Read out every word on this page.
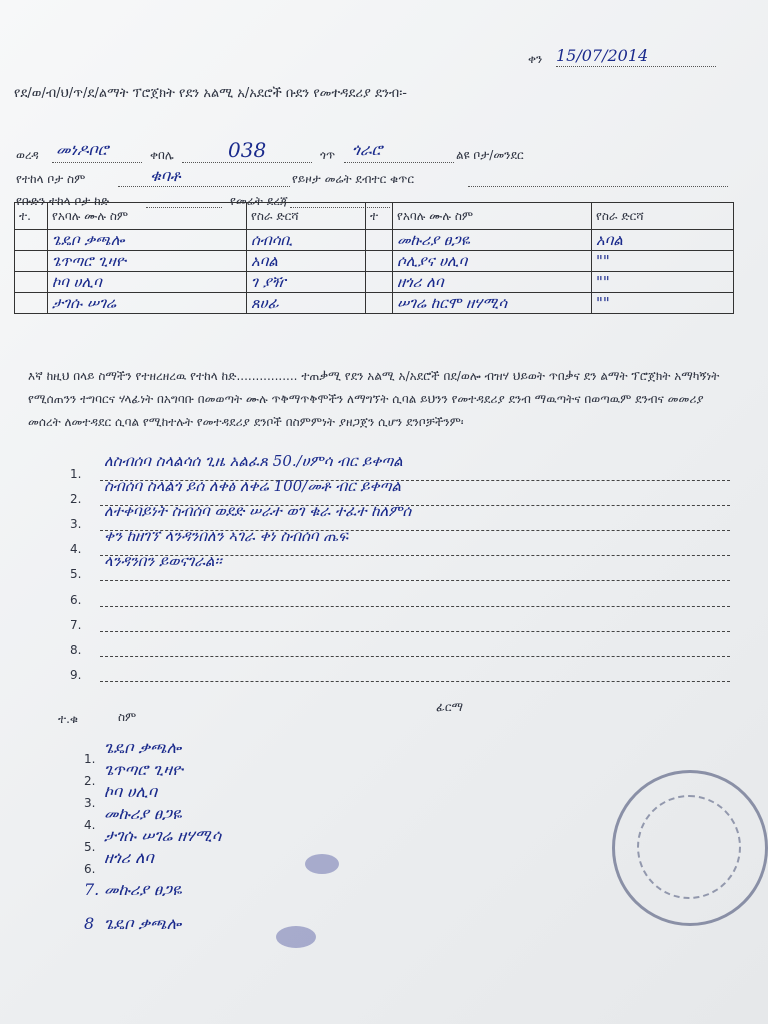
ቀን 15/07/2014
የደ/ወ/ብ/ህ/ጥ/ደ/ልማት ፕሮጀክት የደን አልሚ አ/አደሮች ቡደን የመተዳደሪያ ደንብ፡-
ወረዳ መነዶቦሮ	ቀበሌ	038	ጎጥ ጎራሮ	ልዩ ቦታ/መንደር
የተከላ ቦታ ስም	ቁባቶ	የይዞታ መሬት ደብተር ቁጥር
የቡድን ተከላ ቦታ ከድ	የመሬት ደረጃ
ተ.	የአባሉ ሙሉ ስም	የስራ ድርሻ	ተ	የአባሉ ሙሉ ስም	የስራ ድርሻ
	ጌዴቦ ቃጫሎ	ሰብሳቢ		መኩሪያ ፀጋዬ	አባል
	ጌጥጣሮ ጊዛዮ	አባል		ሶሊያና ሀሊባ	""
	ኮባ ሀሊባ	ገ ያዥ		ዘጎሪ ለባ	""
	ታገሱ ሠገሬ	ጸሀፊ		ሠገሬ ከርሞ ዘሃሚሳ	""
እኛ ከዚህ በላይ ስማችን የተዘረዘረዉ የተከላ ከድ................ ተጠቃሚ የደን አልሚ አ/አደሮች በደ/ወሎ ብዝሃ ህይወት ጥበቃና ደን ልማት ፕሮጀክት አማካኝነት የሚሰጠንን ተግባርና ሃላፊነት በአግባቡ በመወጣት ሙሉ ጥቅማጥቅሞችን ለማግኘት ሲባል ይህንን የመተዳደሪያ ደንብ ማዉጣትና በወጣዉም ደንብና መመሪያ መሰረት ለመተዳደር ሲባል የሚከተሉት የመተዳደሪያ ደንቦች በስምምነት ያዘጋጀን ሲሆን ደንቦቻችንም፡
1.
ለስብሰባ ስላልሳሰ ጊዜ አልፈጸ 50./ሀምሳ ብር ይቀጣል
2.
ስብሰባ ስላልጎ ይሰ ለቀፅ ለቀሬ 100/መቶ ብር ይቀጣል
3.
ለተቀባይነት ስብሰባ ወደድ ሠራተ ወገ ቁራ ተፈተ ከለምሰ
4.
ቀን ከዘገኘ ላንዳንበለን ኣገራ ቀነ ስብሰባ ጤፍ
5.
ላንዳንበን ይወናገራል፡፡
6.
7.
8.
9.
ተ.ቁ	ስም
ፊርማ
1.
ጌዴቦ ቃጫሎ
2.
ጌጥጣሮ ጊዛዮ
3.
ኮባ ሀሊባ
4.
መኩሪያ ፀጋዬ
5.
ታገሱ ሠገሬ ዘሃሚሳ
6.
ዘጎሪ ለባ
7. መኩሪያ ፀጋዬ
8 ጌዴቦ ቃጫሎ
